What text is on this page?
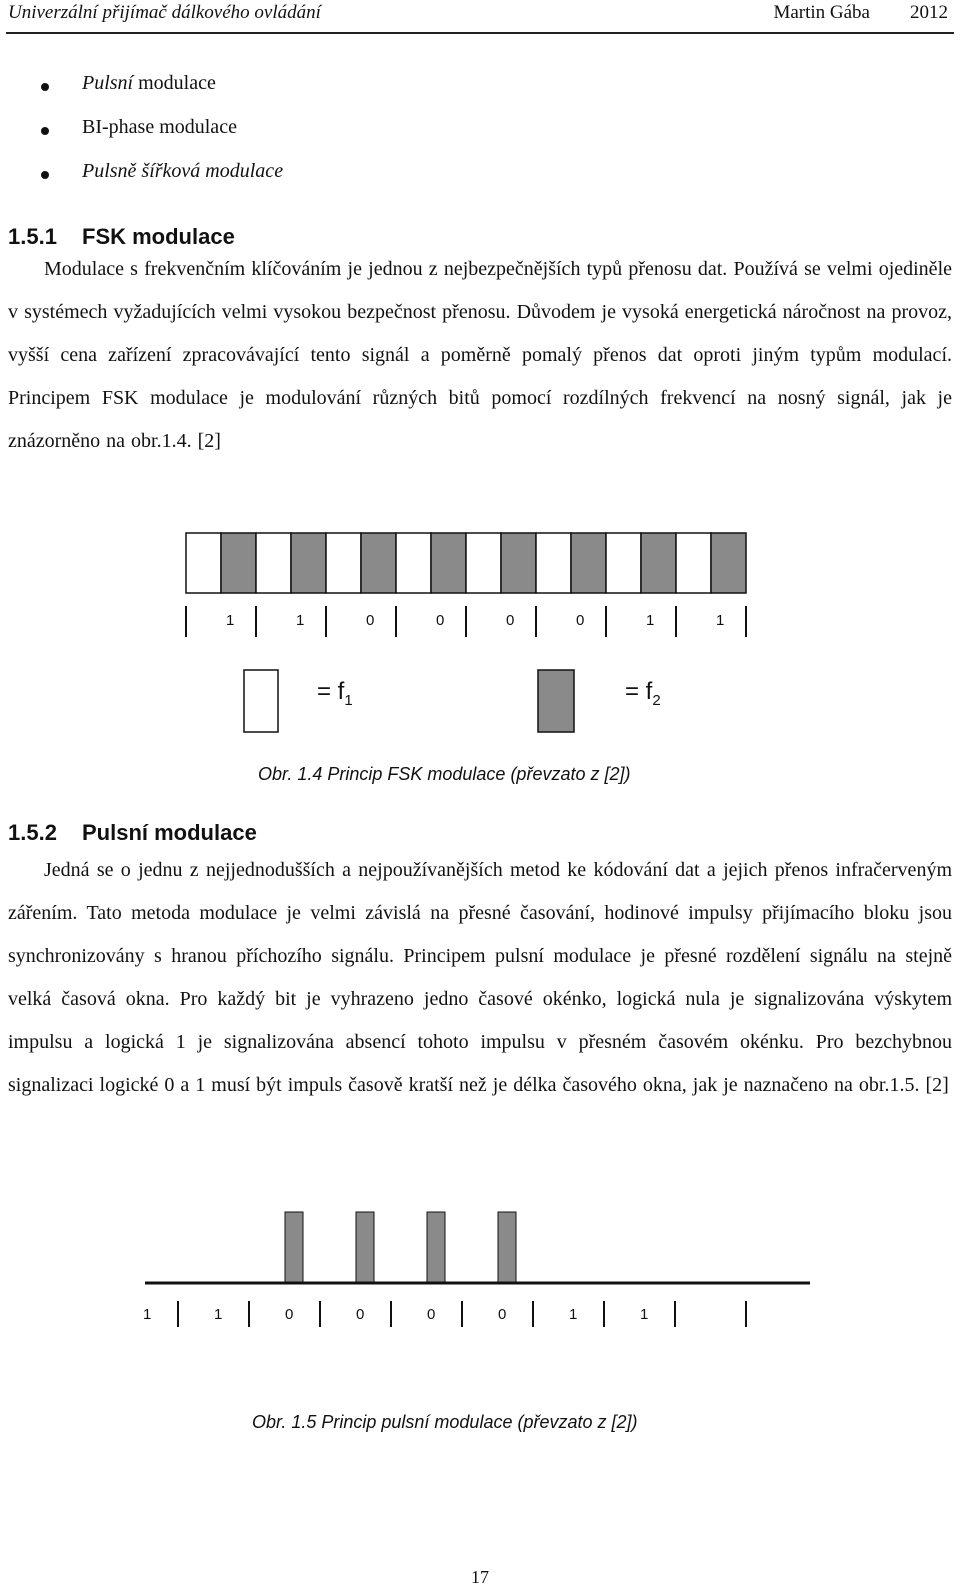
Univerzální přijímač dálkového ovládání	Martin Gába 2012
Pulsní modulace
BI-phase modulace
Pulsně šířková modulace
1.5.1 FSK modulace
Modulace s frekvenčním klíčováním je jednou z nejbezpečnějších typů přenosu dat. Používá se velmi ojediněle v systémech vyžadujících velmi vysokou bezpečnost přenosu. Důvodem je vysoká energetická náročnost na provoz, vyšší cena zařízení zpracovávající tento signál a poměrně pomalý přenos dat oproti jiným typům modulací. Principem FSK modulace je modulování různých bitů pomocí rozdílných frekvencí na nosný signál, jak je znázorněno na obr.1.4. [2]
1	1	0	0	0	0	1	1
= $f_1$	= $f_2$
Obr. 1.4 Princip FSK modulace (převzato z [2])
1.5.2 Pulsní modulace
Jedná se o jednu z nejjednodušších a nejpoužívanějších metod ke kódování dat a jejich přenos infračerveným zářením. Tato metoda modulace je velmi závislá na přesné časování, hodinové impulsy přijímacího bloku jsou synchronizovány s hranou příchozího signálu. Principem pulsní modulace je přesné rozdělení signálu na stejně velká časová okna. Pro každý bit je vyhrazeno jedno časové okénko, logická nula je signalizována výskytem impulsu a logická 1 je signalizována absencí tohoto impulsu v přesném časovém okénku. Pro bezchybnou signalizaci logické 0 a 1 musí být impuls časově kratší než je délka časového okna, jak je naznačeno na obr.1.5. [2]
1	1	0	0	0	0	1	1
Obr. 1.5 Princip pulsní modulace (převzato z [2])
17
